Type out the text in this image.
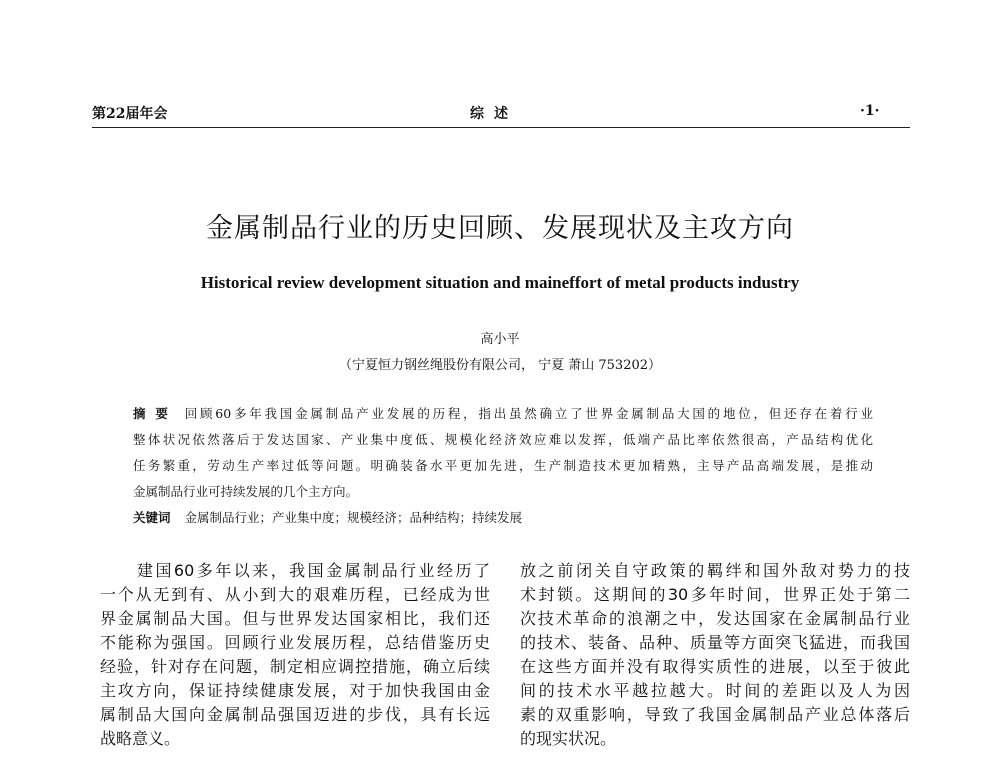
第22届年会	综述	·1·
金属制品行业的历史回顾、发展现状及主攻方向
Historical review development situation and maineffort of metal products industry
高小平
（宁夏恒力钢丝绳股份有限公司， 宁夏 萧山 753202）
摘 要 回顾60多年我国金属制品产业发展的历程，指出虽然确立了世界金属制品大国的地位，但还存在着行业
整体状况依然落后于发达国家、产业集中度低、规模化经济效应难以发挥，低端产品比率依然很高，产品结构优化
任务繁重，劳动生产率过低等问题。明确装备水平更加先进，生产制造技术更加精熟，主导产品高端发展，是推动
金属制品行业可持续发展的几个主方向。
关键词 金属制品行业；产业集中度；规模经济；品种结构；持续发展
　　建国60多年以来，我国金属制品行业经历了
一个从无到有、从小到大的艰难历程，已经成为世
界金属制品大国。但与世界发达国家相比，我们还
不能称为强国。回顾行业发展历程，总结借鉴历史
经验，针对存在问题，制定相应调控措施，确立后续
主攻方向，保证持续健康发展，对于加快我国由金
属制品大国向金属制品强国迈进的步伐，具有长远
战略意义。
放之前闭关自守政策的羁绊和国外敌对势力的技
术封锁。这期间的30多年时间，世界正处于第二
次技术革命的浪潮之中，发达国家在金属制品行业
的技术、装备、品种、质量等方面突飞猛进，而我国
在这些方面并没有取得实质性的进展，以至于彼此
间的技术水平越拉越大。时间的差距以及人为因
素的双重影响，导致了我国金属制品产业总体落后
的现实状况。
